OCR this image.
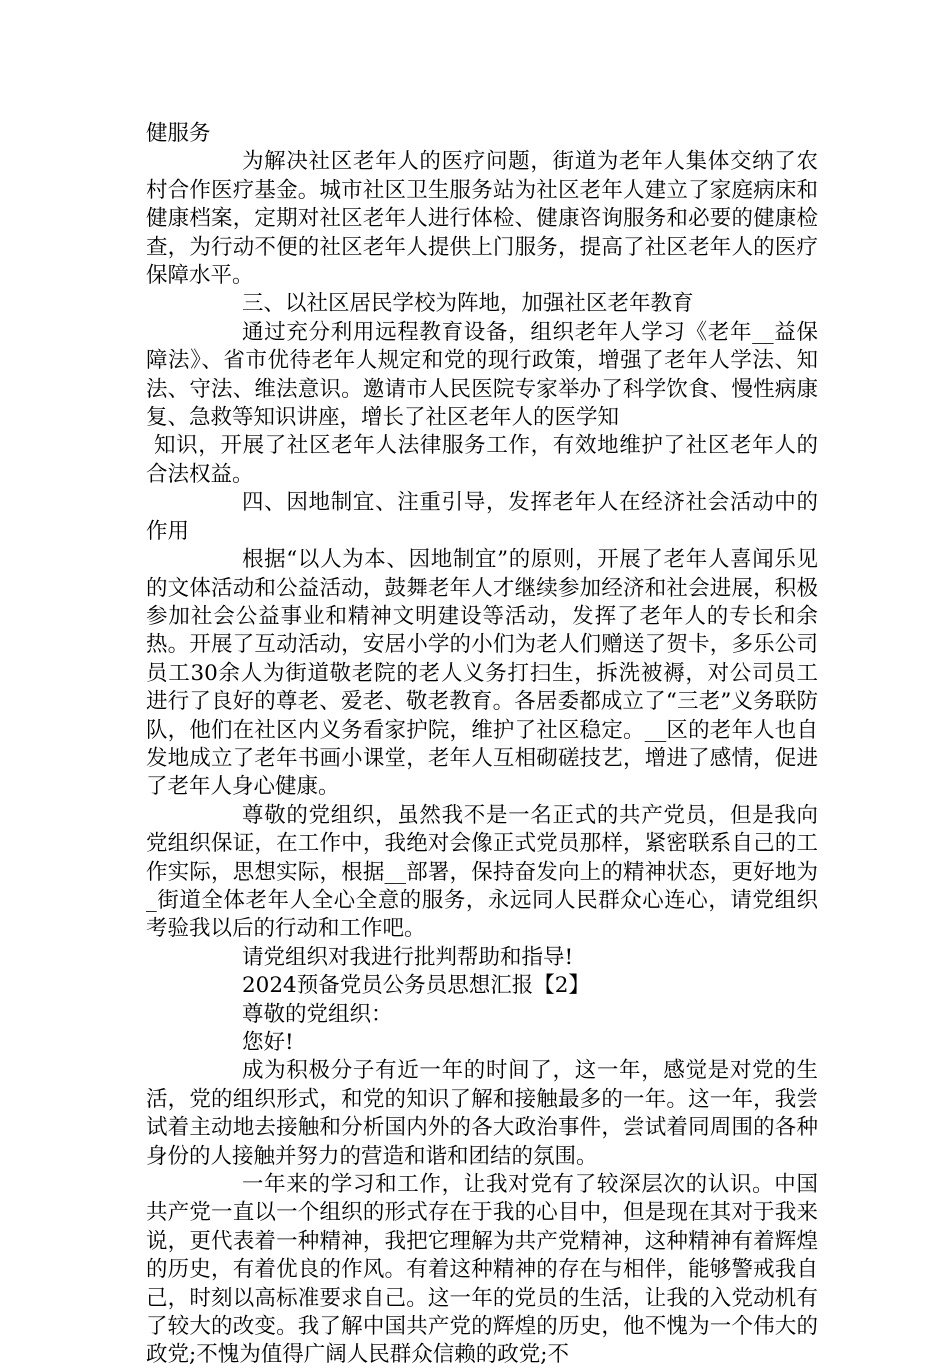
健服务

为解决社区老年人的医疗问题，街道为老年人集体交纳了农村合作医疗基金。城市社区卫生服务站为社区老年人建立了家庭病床和健康档案，定期对社区老年人进行体检、健康咨询服务和必要的健康检查，为行动不便的社区老年人提供上门服务，提高了社区老年人的医疗保障水平。

三、以社区居民学校为阵地，加强社区老年教育

通过充分利用远程教育设备，组织老年人学习《老年__益保障法》、省市优待老年人规定和党的现行政策，增强了老年人学法、知法、守法、维法意识。邀请市人民医院专家举办了科学饮食、慢性病康复、急救等知识讲座，增长了社区老年人的医学知

知识，开展了社区老年人法律服务工作，有效地维护了社区老年人的合法权益。

四、因地制宜、注重引导，发挥老年人在经济社会活动中的作用

根据“以人为本、因地制宜”的原则，开展了老年人喜闻乐见的文体活动和公益活动，鼓舞老年人才继续参加经济和社会进展，积极参加社会公益事业和精神文明建设等活动，发挥了老年人的专长和余热。开展了互动活动，安居小学的小们为老人们赠送了贺卡，多乐公司员工30余人为街道敬老院的老人义务打扫生，拆洗被褥，对公司员工进行了良好的尊老、爱老、敬老教育。各居委都成立了“三老”义务联防队，他们在社区内义务看家护院，维护了社区稳定。__区的老年人也自发地成立了老年书画小课堂，老年人互相砌磋技艺，增进了感情，促进了老年人身心健康。

尊敬的党组织，虽然我不是一名正式的共产党员，但是我向党组织保证，在工作中，我绝对会像正式党员那样，紧密联系自己的工作实际，思想实际，根据__部署，保持奋发向上的精神状态，更好地为_街道全体老年人全心全意的服务，永远同人民群众心连心，请党组织考验我以后的行动和工作吧。

请党组织对我进行批判帮助和指导!

2024预备党员公务员思想汇报【2】

尊敬的党组织：

您好!

成为积极分子有近一年的时间了，这一年，感觉是对党的生活，党的组织形式，和党的知识了解和接触最多的一年。这一年，我尝试着主动地去接触和分析国内外的各大政治事件，尝试着同周围的各种身份的人接触并努力的营造和谐和团结的氛围。

一年来的学习和工作，让我对党有了较深层次的认识。中国共产党一直以一个组织的形式存在于我的心目中，但是现在其对于我来说，更代表着一种精神，我把它理解为共产党精神，这种精神有着辉煌的历史，有着优良的作风。有着这种精神的存在与相伴，能够警戒我自己，时刻以高标准要求自己。这一年的党员的生活，让我的入党动机有了较大的改变。我了解中国共产党的辉煌的历史，他不愧为一个伟大的政党;不愧为值得广阔人民群众信赖的政党;不
